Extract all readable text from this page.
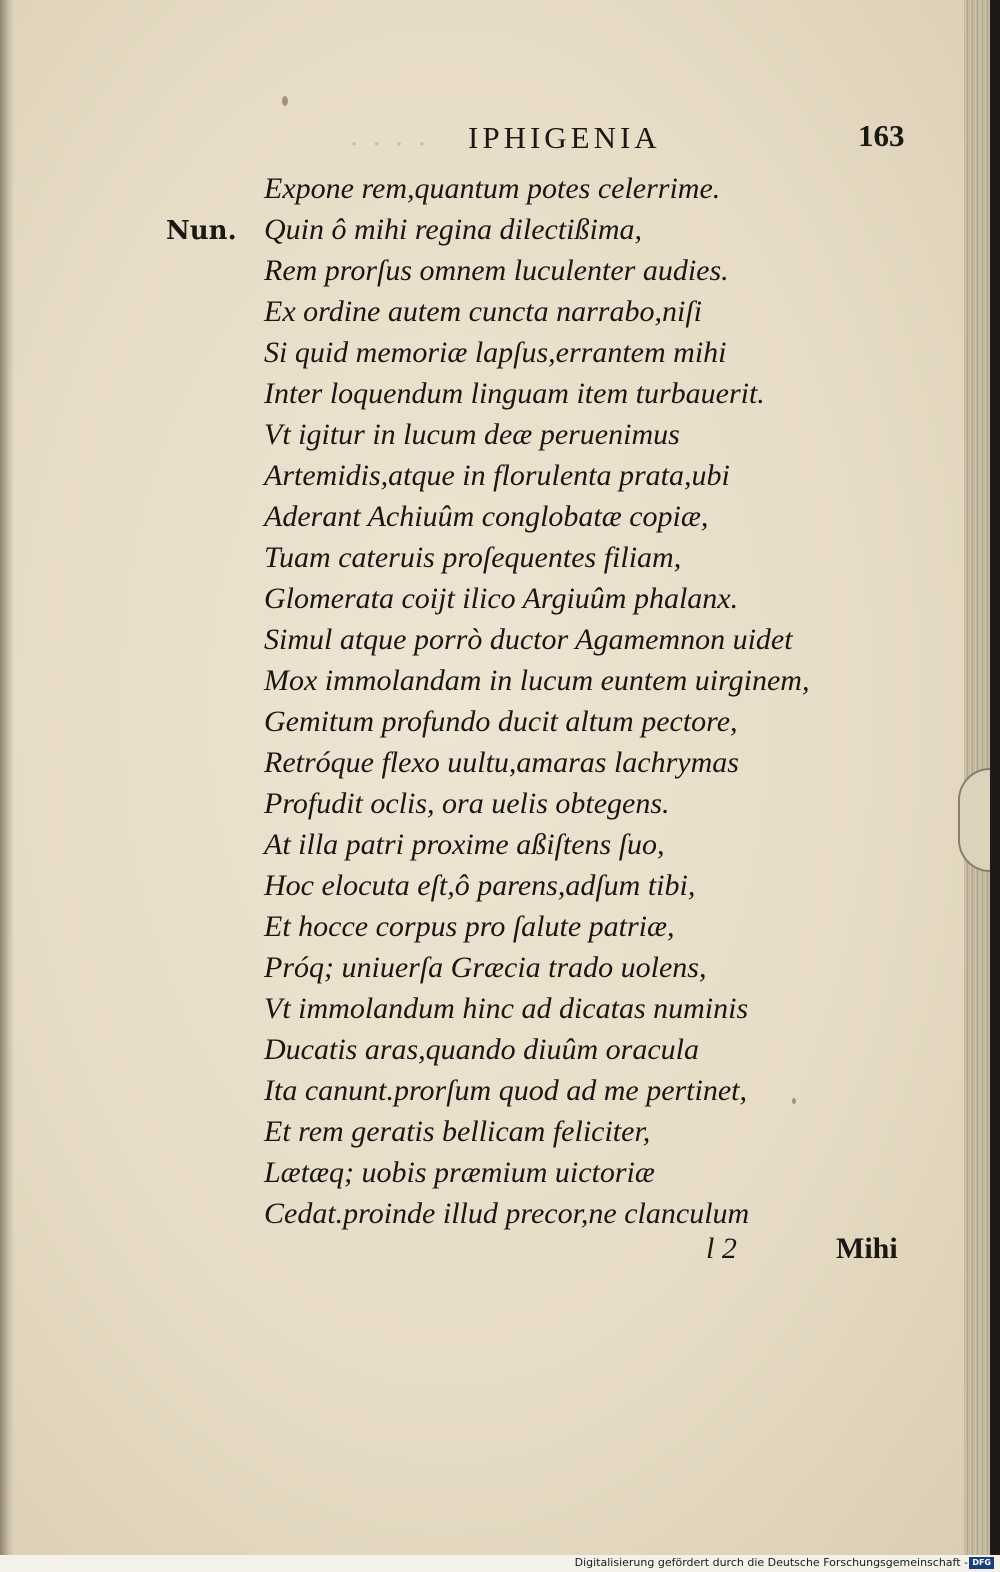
. . . .	IPHIGENIA	163
Nun.
Expone rem,quantum potes celerrime.
Quin ô mihi regina dilectißima,
Rem prorſus omnem luculenter audies.
Ex ordine autem cuncta narrabo,niſi
Si quid memoriæ lapſus,errantem mihi
Inter loquendum linguam item turbauerit.
Vt igitur in lucum deæ peruenimus
Artemidis,atque in florulenta prata,ubi
Aderant Achiuûm conglobatæ copiæ,
Tuam cateruis proſequentes filiam,
Glomerata coijt ilico Argiuûm phalanx.
Simul atque porrò ductor Agamemnon uidet
Mox immolandam in lucum euntem uirginem,
Gemitum profundo ducit altum pectore,
Retróque flexo uultu,amaras lachrymas
Profudit oclis, ora uelis obtegens.
At illa patri proxime aßiſtens ſuo,
Hoc elocuta eſt,ô parens,adſum tibi,
Et hocce corpus pro ſalute patriæ,
Próq; uniuerſa Græcia trado uolens,
Vt immolandum hinc ad dicatas numinis
Ducatis aras,quando diuûm oracula
Ita canunt.prorſum quod ad me pertinet,
Et rem geratis bellicam feliciter,
Lætæq; uobis præmium uictoriæ
Cedat.proinde illud precor,ne clanculum
l 2	Mihi
Digitalisierung gefördert durch die Deutsche Forschungsgemeinschaft - DFG
